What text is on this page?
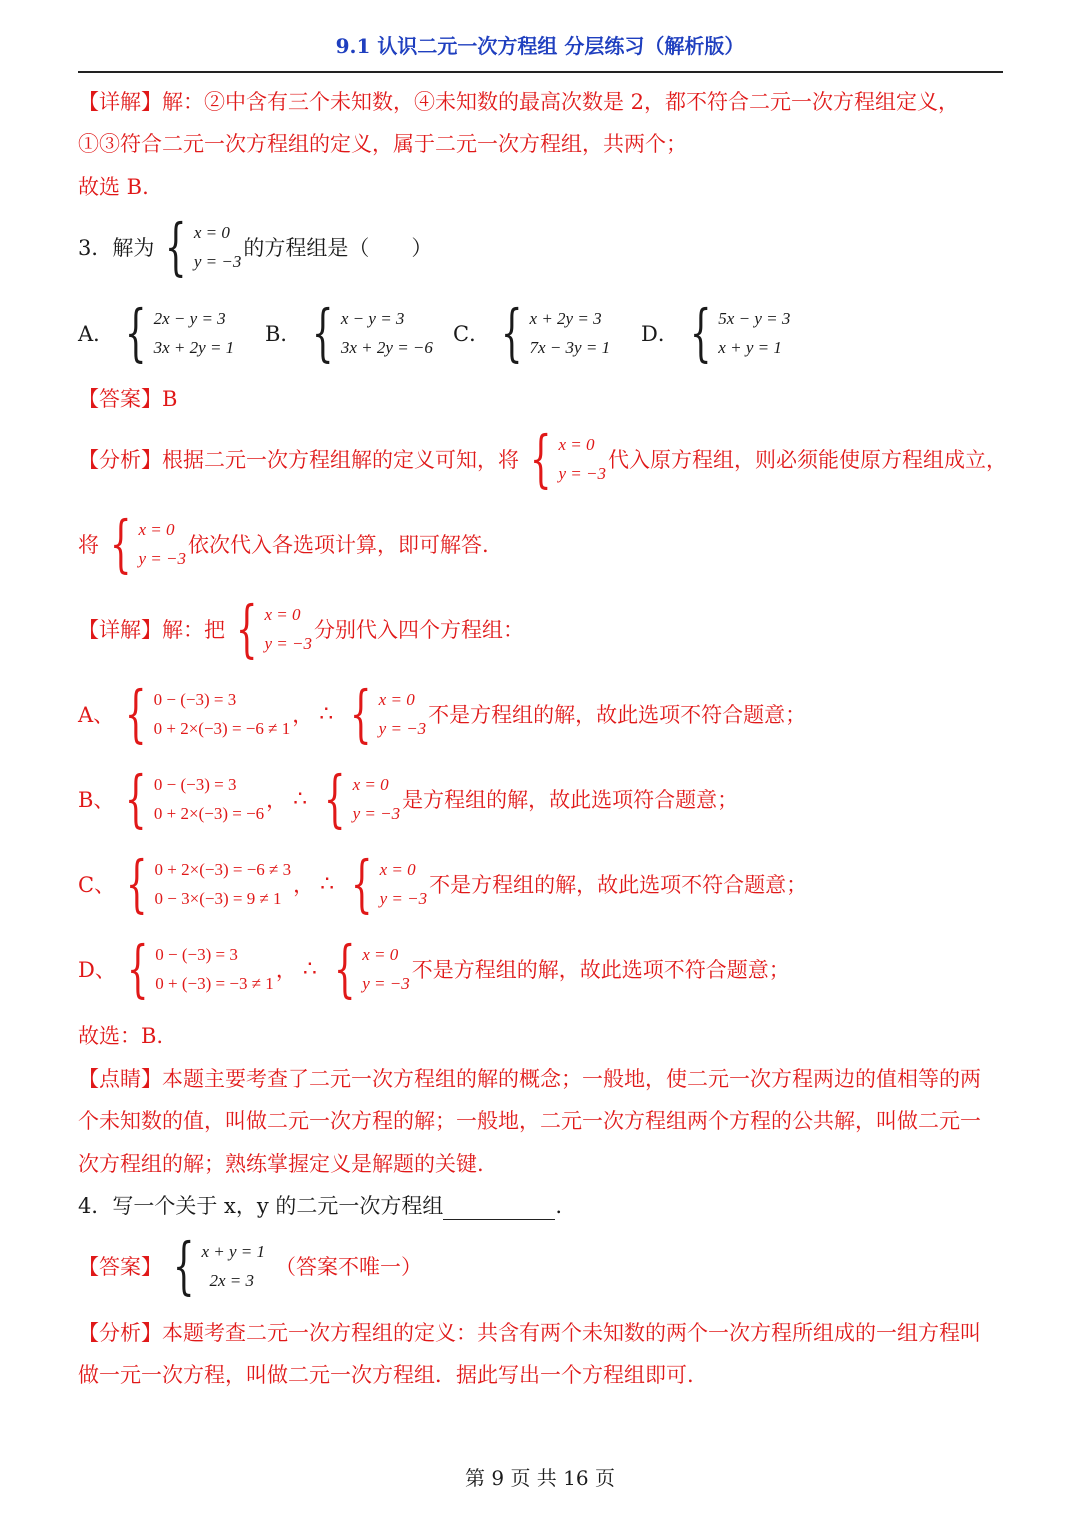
9.1 认识二元一次方程组 分层练习（解析版）
【详解】解：②中含有三个未知数，④未知数的最高次数是 2，都不符合二元一次方程组定义，
①③符合二元一次方程组的定义，属于二元一次方程组，共两个；
故选 B.
3．解为 { x = 0
y = −3
的方程组是（　　）
A． { 2x − y = 3
3x + 2y = 1
B． { x − y = 3
3x + 2y = −6
C． { x + 2y = 3
7x − 3y = 1
D． { 5x − y = 3
x + y = 1
【答案】B
【分析】根据二元一次方程组解的定义可知，将 { x = 0
y = −3
代入原方程组，则必须能使原方程组成立，
将 { x = 0
y = −3
依次代入各选项计算，即可解答.
【详解】解：把 { x = 0
y = −3
分别代入四个方程组：
A、 { 0 − (−3) = 3
0 + 2×(−3) = −6 ≠ 1
， ∴ { x = 0
y = −3
不是方程组的解，故此选项不符合题意；
B、 { 0 − (−3) = 3
0 + 2×(−3) = −6
， ∴ { x = 0
y = −3
是方程组的解，故此选项符合题意；
C、 { 0 + 2×(−3) = −6 ≠ 3
0 − 3×(−3) = 9 ≠ 1
， ∴ { x = 0
y = −3
不是方程组的解，故此选项不符合题意；
D、 { 0 − (−3) = 3
0 + (−3) = −3 ≠ 1
， ∴ { x = 0
y = −3
不是方程组的解，故此选项不符合题意；
故选：B.
【点睛】本题主要考查了二元一次方程组的解的概念；一般地，使二元一次方程两边的值相等的两
个未知数的值，叫做二元一次方程的解；一般地，二元一次方程组两个方程的公共解，叫做二元一
次方程组的解；熟练掌握定义是解题的关键.
4．写一个关于 x，y 的二元一次方程组	.
【答案】 { x + y = 1
2x = 3
（答案不唯一）
【分析】本题考查二元一次方程组的定义：共含有两个未知数的两个一次方程所组成的一组方程叫
做一元一次方程，叫做二元一次方程组．据此写出一个方程组即可.
第 9 页 共 16 页
